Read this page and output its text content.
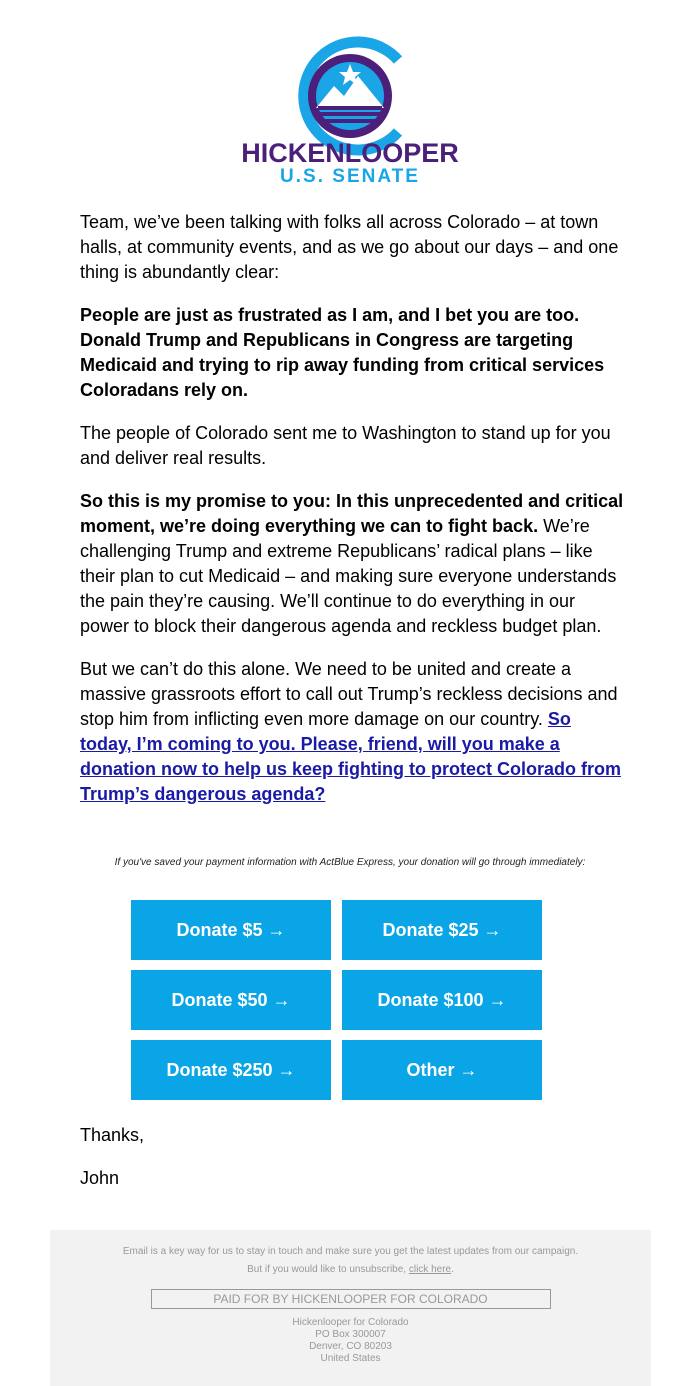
HICKENLOOPER
U.S. SENATE

Team, we’ve been talking with folks all across Colorado – at town halls, at community events, and as we go about our days – and one thing is abundantly clear:

People are just as frustrated as I am, and I bet you are too. Donald Trump and Republicans in Congress are targeting Medicaid and trying to rip away funding from critical services Coloradans rely on.

The people of Colorado sent me to Washington to stand up for you and deliver real results.

So this is my promise to you: In this unprecedented and critical moment, we’re doing everything we can to fight back. We’re challenging Trump and extreme Republicans’ radical plans – like their plan to cut Medicaid – and making sure everyone understands the pain they’re causing. We’ll continue to do everything in our power to block their dangerous agenda and reckless budget plan.

But we can’t do this alone. We need to be united and create a massive grassroots effort to call out Trump’s reckless decisions and stop him from inflicting even more damage on our country. So today, I’m coming to you. Please, friend, will you make a donation now to help us keep fighting to protect Colorado from Trump’s dangerous agenda?

If you've saved your payment information with ActBlue Express, your donation will go through immediately:
Donate $5 →	Donate $25 →
Donate $50 →	Donate $100 →
Donate $250 →	Other →

Thanks,

John

Email is a key way for us to stay in touch and make sure you get the latest updates from our campaign.
But if you would like to unsubscribe, click here.
PAID FOR BY HICKENLOOPER FOR COLORADO
Hickenlooper for Colorado
PO Box 300007
Denver, CO 80203
United States
